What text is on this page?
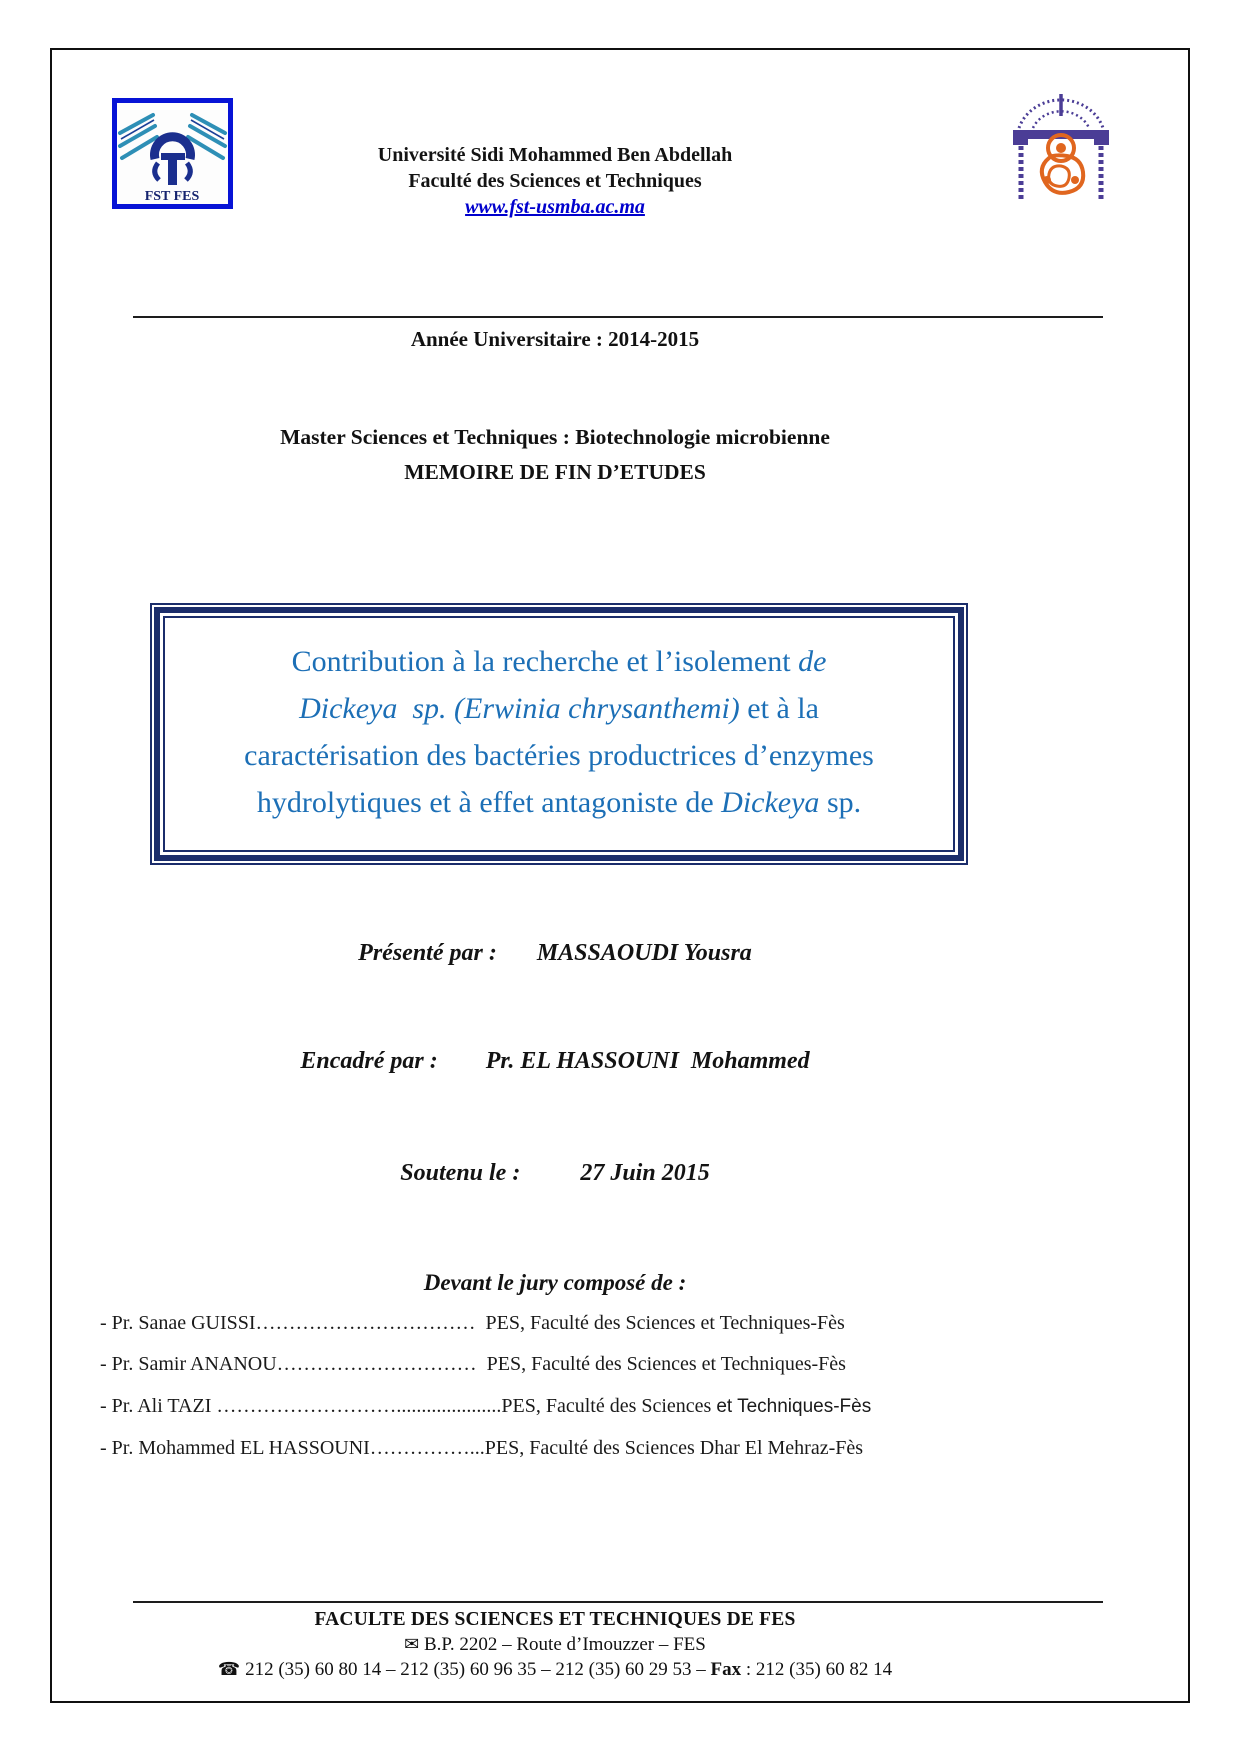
FST FES
Université Sidi Mohammed Ben Abdellah
Faculté des Sciences et Techniques
www.fst-usmba.ac.ma
Année Universitaire : 2014-2015
Master Sciences et Techniques : Biotechnologie microbienne
MEMOIRE DE FIN D’ETUDES
Contribution à la recherche et l’isolement de
Dickeya  sp. (Erwinia chrysanthemi) et à la
caractérisation des bactéries productrices d’enzymes
hydrolytiques et à effet antagoniste de Dickeya sp.
Présenté par : MASSAOUDI Yousra
Encadré par : Pr. EL HASSOUNI  Mohammed
Soutenu le :	27 Juin 2015
Devant le jury composé de :
- Pr. Sanae GUISSI……………………………  PES, Faculté des Sciences et Techniques-Fès
- Pr. Samir ANANOU…………………………  PES, Faculté des Sciences et Techniques-Fès
- Pr. Ali TAZI ……………………….....................PES, Faculté des Sciences et Techniques-Fès
- Pr. Mohammed EL HASSOUNI……………...PES, Faculté des Sciences Dhar El Mehraz-Fès
FACULTE DES SCIENCES ET TECHNIQUES DE FES
✉ B.P. 2202 – Route d’Imouzzer – FES
☎ 212 (35) 60 80 14 – 212 (35) 60 96 35 – 212 (35) 60 29 53 – Fax : 212 (35) 60 82 14
